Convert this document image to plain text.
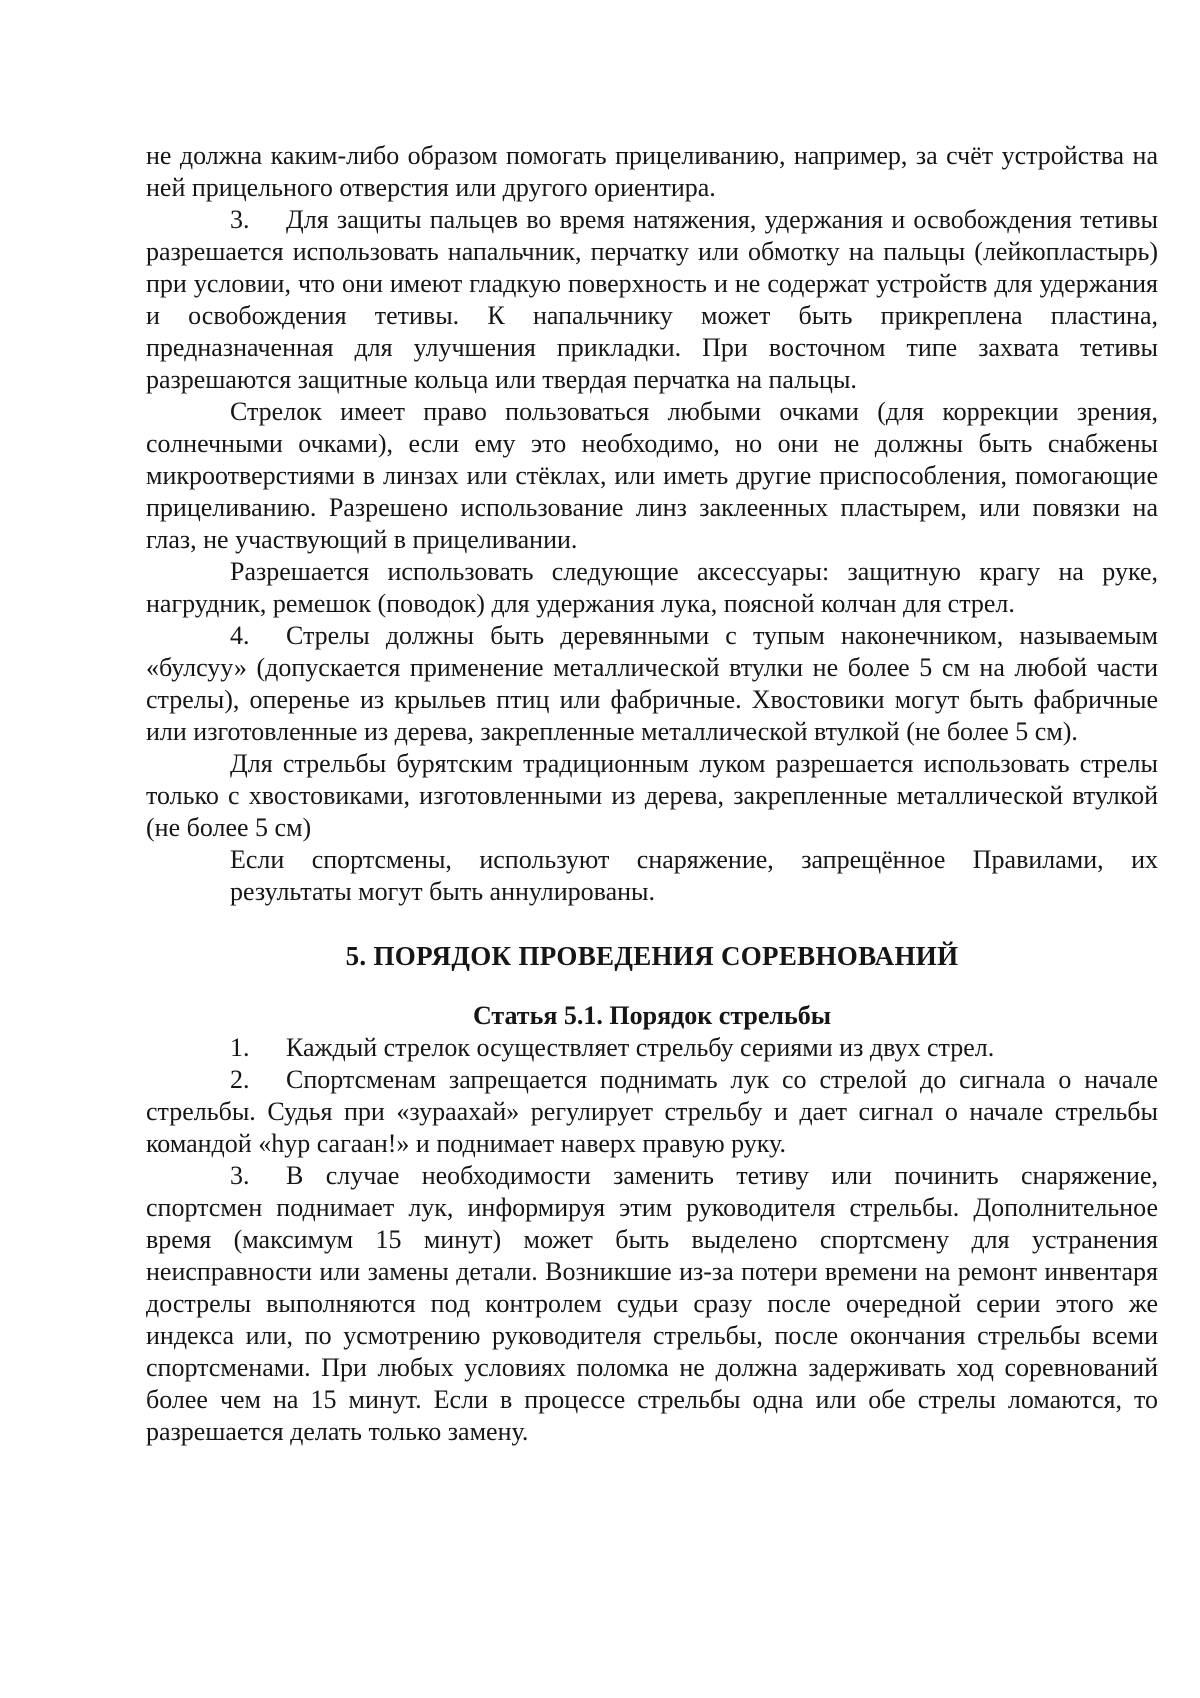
не должна каким-либо образом помогать прицеливанию, например, за счёт устройства на ней прицельного отверстия или другого ориентира.

3. Для защиты пальцев во время натяжения, удержания и освобождения тетивы разрешается использовать напальчник, перчатку или обмотку на пальцы (лейкопластырь) при условии, что они имеют гладкую поверхность и не содержат устройств для удержания и освобождения тетивы. К напальчнику может быть прикреплена пластина, предназначенная для улучшения прикладки. При восточном типе захвата тетивы разрешаются защитные кольца или твердая перчатка на пальцы.

Стрелок имеет право пользоваться любыми очками (для коррекции зрения, солнечными очками), если ему это необходимо, но они не должны быть снабжены микроотверстиями в линзах или стёклах, или иметь другие приспособления, помогающие прицеливанию. Разрешено использование линз заклеенных пластырем, или повязки на глаз, не участвующий в прицеливании.

Разрешается использовать следующие аксессуары: защитную крагу на руке, нагрудник, ремешок (поводок) для удержания лука, поясной колчан для стрел.

4. Стрелы должны быть деревянными с тупым наконечником, называемым «булсуу» (допускается применение металлической втулки не более 5 см на любой части стрелы), оперенье из крыльев птиц или фабричные. Хвостовики могут быть фабричные или изготовленные из дерева, закрепленные металлической втулкой (не более 5 см).

Для стрельбы бурятским традиционным луком разрешается использовать стрелы только с хвостовиками, изготовленными из дерева, закрепленные металлической втулкой (не более 5 см)

Если спортсмены, используют снаряжение, запрещённое Правилами, их результаты могут быть аннулированы.

5. ПОРЯДОК ПРОВЕДЕНИЯ СОРЕВНОВАНИЙ
Статья 5.1. Порядок стрельбы

1. Каждый стрелок осуществляет стрельбу сериями из двух стрел.

2. Спортсменам запрещается поднимать лук со стрелой до сигнала о начале стрельбы. Судья при «зураахай» регулирует стрельбу и дает сигнал о начале стрельбы командой «hур сагаан!» и поднимает наверх правую руку.

3. В случае необходимости заменить тетиву или починить снаряжение, спортсмен поднимает лук, информируя этим руководителя стрельбы. Дополнительное время (максимум 15 минут) может быть выделено спортсмену для устранения неисправности или замены детали. Возникшие из-за потери времени на ремонт инвентаря дострелы выполняются под контролем судьи сразу после очередной серии этого же индекса или, по усмотрению руководителя стрельбы, после окончания стрельбы всеми спортсменами. При любых условиях поломка не должна задерживать ход соревнований более чем на 15 минут. Если в процессе стрельбы одна или обе стрелы ломаются, то разрешается делать только замену.
